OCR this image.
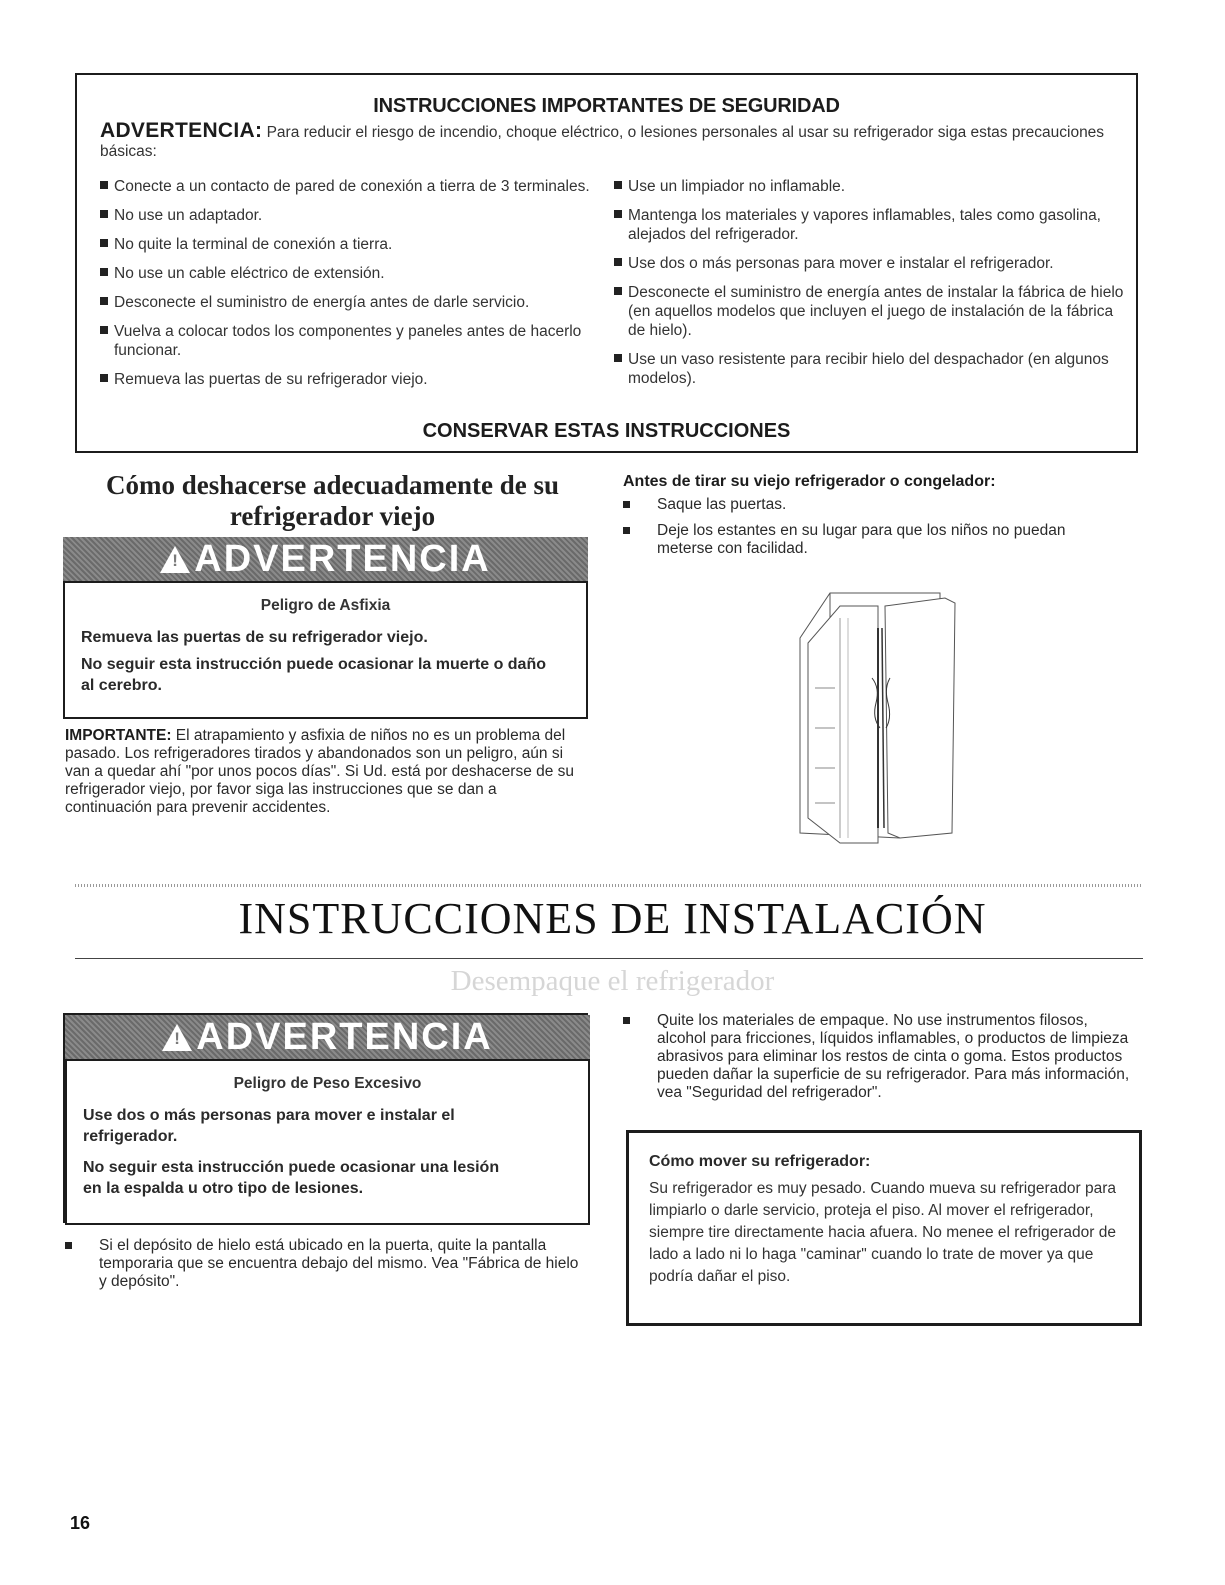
INSTRUCCIONES IMPORTANTES DE SEGURIDAD
ADVERTENCIA: Para reducir el riesgo de incendio, choque eléctrico, o lesiones personales al usar su refrigerador siga estas precauciones básicas:
Conecte a un contacto de pared de conexión a tierra de 3 terminales.
No use un adaptador.
No quite la terminal de conexión a tierra.
No use un cable eléctrico de extensión.
Desconecte el suministro de energía antes de darle servicio.
Vuelva a colocar todos los componentes y paneles antes de hacerlo funcionar.
Remueva las puertas de su refrigerador viejo.
Use un limpiador no inflamable.
Mantenga los materiales y vapores inflamables, tales como gasolina, alejados del refrigerador.
Use dos o más personas para mover e instalar el refrigerador.
Desconecte el suministro de energía antes de instalar la fábrica de hielo (en aquellos modelos que incluyen el juego de instalación de la fábrica de hielo).
Use un vaso resistente para recibir hielo del despachador (en algunos modelos).
CONSERVAR ESTAS INSTRUCCIONES
Cómo deshacerse adecuadamente de su refrigerador viejo
!ADVERTENCIA
Peligro de Asfixia
Remueva las puertas de su refrigerador viejo.
No seguir esta instrucción puede ocasionar la muerte o daño al cerebro.
IMPORTANTE: El atrapamiento y asfixia de niños no es un problema del pasado. Los refrigeradores tirados y abandonados son un peligro, aún si van a quedar ahí "por unos pocos días". Si Ud. está por deshacerse de su refrigerador viejo, por favor siga las instrucciones que se dan a continuación para prevenir accidentes.
Antes de tirar su viejo refrigerador o congelador:
Saque las puertas.
Deje los estantes en su lugar para que los niños no puedan meterse con facilidad.
INSTRUCCIONES DE INSTALACIÓN
Desempaque el refrigerador
!ADVERTENCIA
Peligro de Peso Excesivo
Use dos o más personas para mover e instalar el refrigerador.
No seguir esta instrucción puede ocasionar una lesión en la espalda u otro tipo de lesiones.
Si el depósito de hielo está ubicado en la puerta, quite la pantalla temporaria que se encuentra debajo del mismo. Vea "Fábrica de hielo y depósito".
Quite los materiales de empaque. No use instrumentos filosos, alcohol para fricciones, líquidos inflamables, o productos de limpieza abrasivos para eliminar los restos de cinta o goma. Estos productos pueden dañar la superficie de su refrigerador. Para más información, vea "Seguridad del refrigerador".
Cómo mover su refrigerador:
Su refrigerador es muy pesado. Cuando mueva su refrigerador para limpiarlo o darle servicio, proteja el piso. Al mover el refrigerador, siempre tire directamente hacia afuera. No menee el refrigerador de lado a lado ni lo haga "caminar" cuando lo trate de mover ya que podría dañar el piso.
16
